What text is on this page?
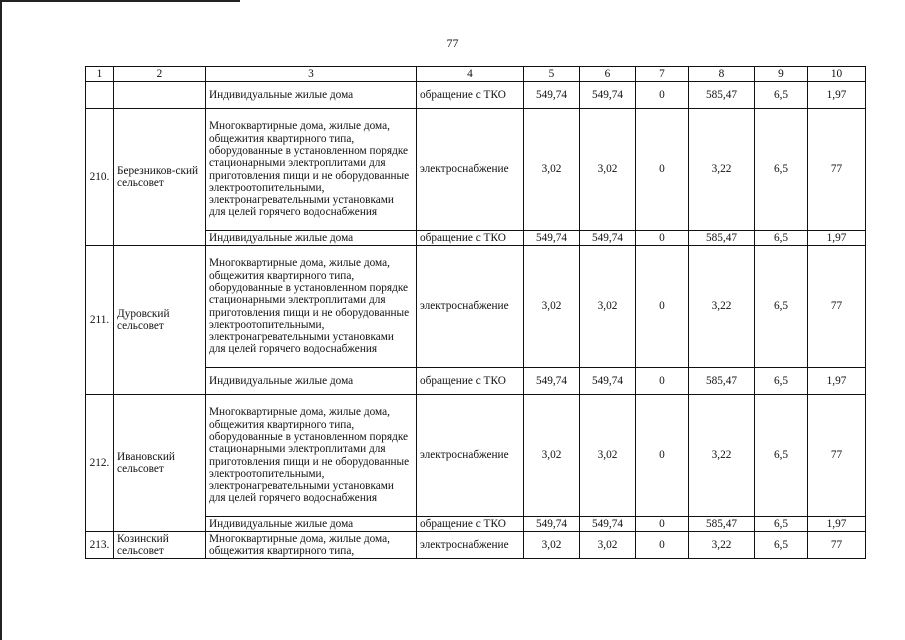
77
1	2	3	4	5	6	7	8	9	10
		Индивидуальные жилые дома	обращение с ТКО	549,74	549,74	0	585,47	6,5	1,97
210.	Березников-ский сельсовет	Многоквартирные дома, жилые дома, общежития квартирного типа, оборудованные в установленном порядке стационарными электроплитами для приготовления пищи и не оборудованные электроотопительными, электронагревательными установками для целей горячего водоснабжения	электроснабжение	3,02	3,02	0	3,22	6,5	77
		Индивидуальные жилые дома	обращение с ТКО	549,74	549,74	0	585,47	6,5	1,97
211.	Дуровский сельсовет	Многоквартирные дома, жилые дома, общежития квартирного типа, оборудованные в установленном порядке стационарными электроплитами для приготовления пищи и не оборудованные электроотопительными, электронагревательными установками для целей горячего водоснабжения	электроснабжение	3,02	3,02	0	3,22	6,5	77
		Индивидуальные жилые дома	обращение с ТКО	549,74	549,74	0	585,47	6,5	1,97
212.	Ивановский сельсовет	Многоквартирные дома, жилые дома, общежития квартирного типа, оборудованные в установленном порядке стационарными электроплитами для приготовления пищи и не оборудованные электроотопительными, электронагревательными установками для целей горячего водоснабжения	электроснабжение	3,02	3,02	0	3,22	6,5	77
		Индивидуальные жилые дома	обращение с ТКО	549,74	549,74	0	585,47	6,5	1,97
213.	Козинский сельсовет	Многоквартирные дома, жилые дома, общежития квартирного типа,	электроснабжение	3,02	3,02	0	3,22	6,5	77
